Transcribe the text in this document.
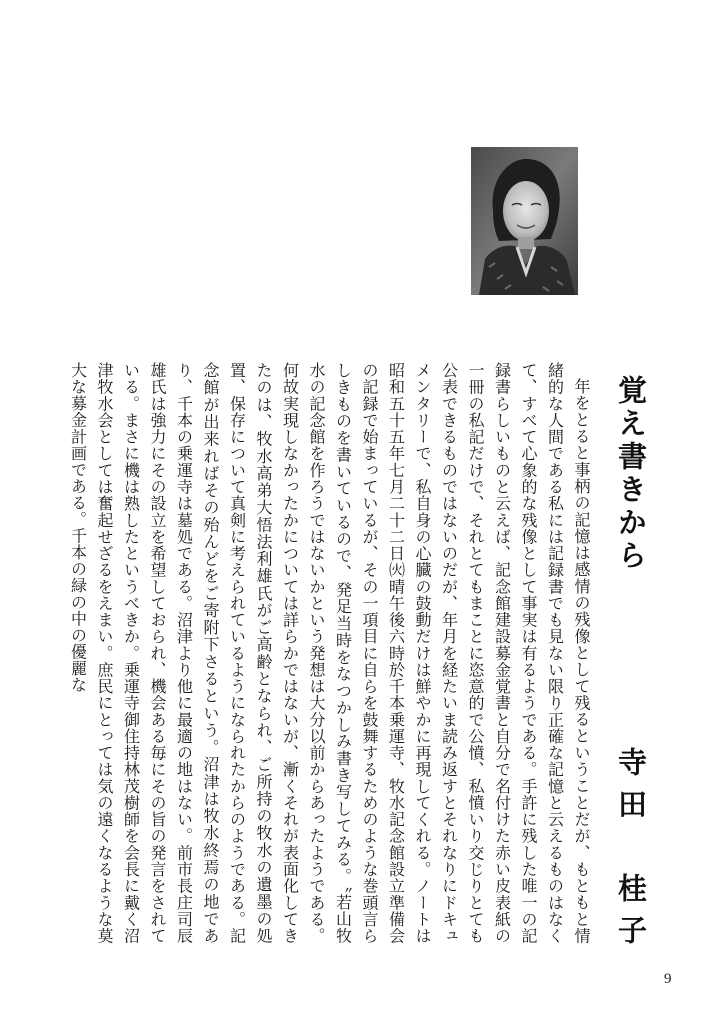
覚え書きから
寺田　桂子

年をとると事柄の記憶は感情の残像として残るということだが、もともと情緒的な人間である私には記録書でも見ない限り正確な記憶と云えるものはなくて、すべて心象的な残像として事実は有るようである。手許に残した唯一の記録書らしいものと云えば、記念館建設募金覚書と自分で名付けた赤い皮表紙の一冊の私記だけで、それとてもまことに恣意的で公憤、私憤いり交じりとても公表できるものではないのだが、年月を経たいま読み返すとそれなりにドキュメンタリーで、私自身の心臓の鼓動だけは鮮やかに再現してくれる。ノートは昭和五十五年七月二十二日㈫晴午後六時於千本乗運寺、牧水記念館設立準備会の記録で始まっているが、その一項目に自らを鼓舞するためのような巻頭言らしきものを書いているので、発足当時をなつかしみ書き写してみる。〝若山牧水の記念館を作ろうではないかという発想は大分以前からあったようである。何故実現しなかったかについては詳らかではないが、漸くそれが表面化してきたのは、牧水高弟大悟法利雄氏がご高齢となられ、ご所持の牧水の遺墨の処置、保存について真剣に考えられているようになられたからのようである。記念館が出来ればその殆んどをご寄附下さるという。沼津は牧水終焉の地であり、千本の乗運寺は墓処である。沼津より他に最適の地はない。前市長庄司辰雄氏は強力にその設立を希望しておられ、機会ある毎にその旨の発言をされている。まさに機は熟したというべきか。乗運寺御住持林茂樹師を会長に戴く沼津牧水会としては奮起せざるをえまい。庶民にとっては気の遠くなるような莫大な募金計画である。千本の緑の中の優麗な

9
